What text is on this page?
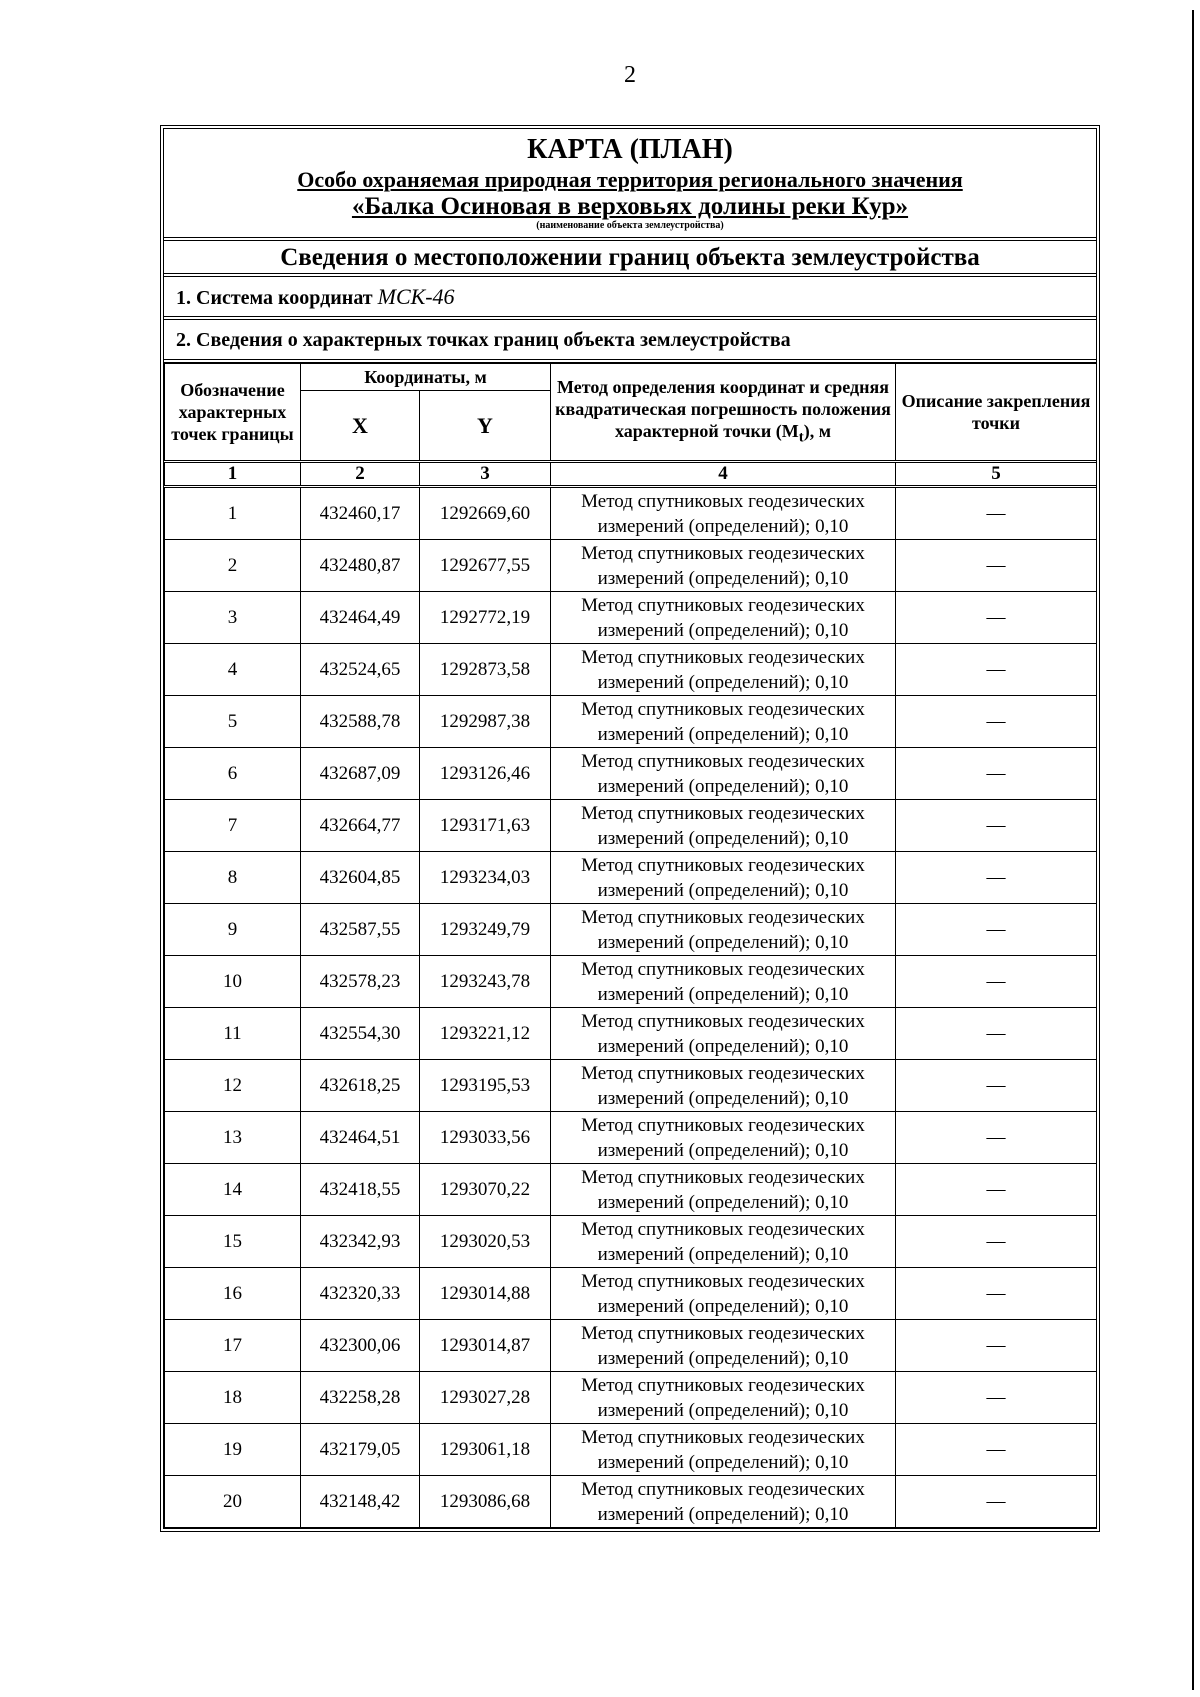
2
КАРТА (ПЛАН)
Особо охраняемая природная территория регионального значения
«Балка Осиновая в верховьях долины реки Кур»
(наименование объекта землеустройства)
Сведения о местоположении границ объекта землеустройства
1. Система координат МСК-46
2. Сведения о характерных точках границ объекта землеустройства
Обозначение характерных точек границы	Координаты, м		Метод определения координат и средняя квадратическая погрешность положения характерной точки $(M_t)$, м	Описание закрепления точки
	X	Y		
1	2	3	4	5
1	432460,17	1292669,60	Метод спутниковых геодезических измерений (определений); 0,10	—
2	432480,87	1292677,55	Метод спутниковых геодезических измерений (определений); 0,10	—
3	432464,49	1292772,19	Метод спутниковых геодезических измерений (определений); 0,10	—
4	432524,65	1292873,58	Метод спутниковых геодезических измерений (определений); 0,10	—
5	432588,78	1292987,38	Метод спутниковых геодезических измерений (определений); 0,10	—
6	432687,09	1293126,46	Метод спутниковых геодезических измерений (определений); 0,10	—
7	432664,77	1293171,63	Метод спутниковых геодезических измерений (определений); 0,10	—
8	432604,85	1293234,03	Метод спутниковых геодезических измерений (определений); 0,10	—
9	432587,55	1293249,79	Метод спутниковых геодезических измерений (определений); 0,10	—
10	432578,23	1293243,78	Метод спутниковых геодезических измерений (определений); 0,10	—
11	432554,30	1293221,12	Метод спутниковых геодезических измерений (определений); 0,10	—
12	432618,25	1293195,53	Метод спутниковых геодезических измерений (определений); 0,10	—
13	432464,51	1293033,56	Метод спутниковых геодезических измерений (определений); 0,10	—
14	432418,55	1293070,22	Метод спутниковых геодезических измерений (определений); 0,10	—
15	432342,93	1293020,53	Метод спутниковых геодезических измерений (определений); 0,10	—
16	432320,33	1293014,88	Метод спутниковых геодезических измерений (определений); 0,10	—
17	432300,06	1293014,87	Метод спутниковых геодезических измерений (определений); 0,10	—
18	432258,28	1293027,28	Метод спутниковых геодезических измерений (определений); 0,10	—
19	432179,05	1293061,18	Метод спутниковых геодезических измерений (определений); 0,10	—
20	432148,42	1293086,68	Метод спутниковых геодезических измерений (определений); 0,10	—
